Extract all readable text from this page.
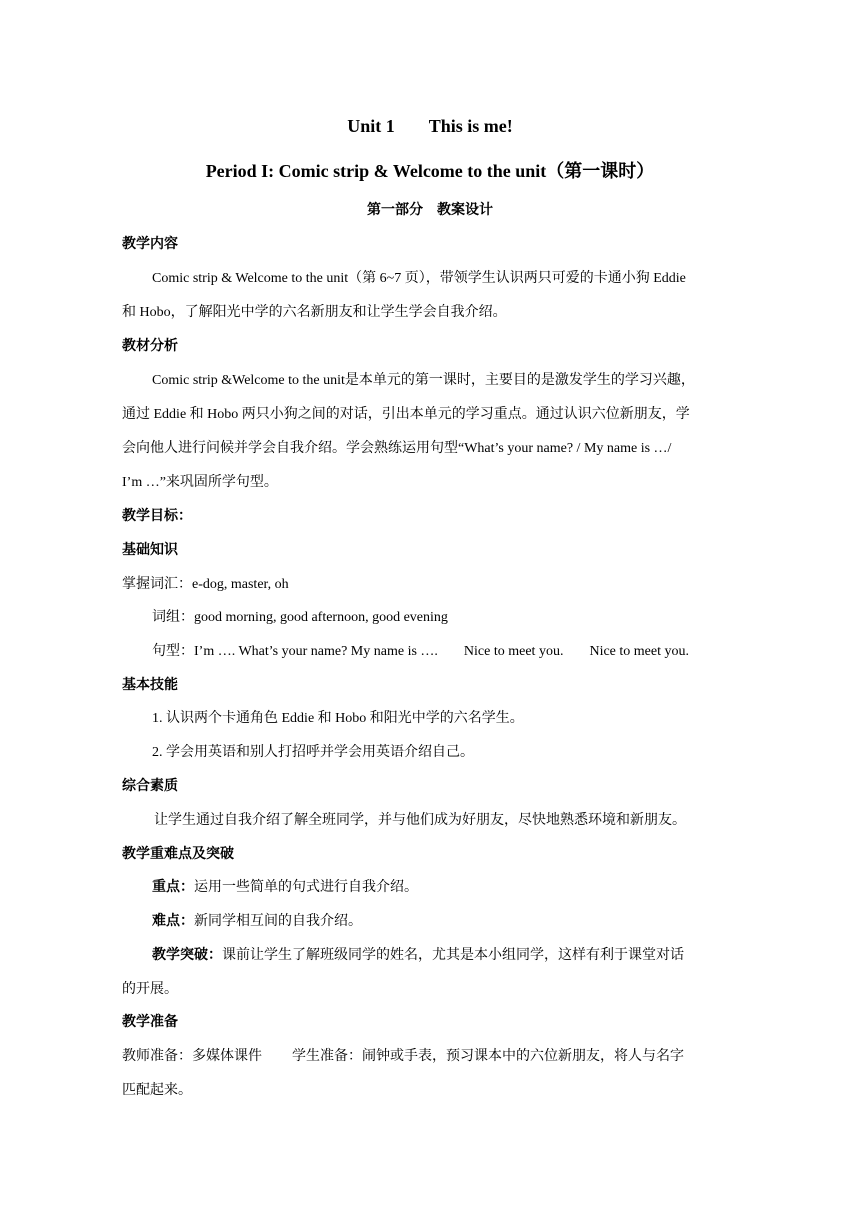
Unit 1 This is me!
Period I: Comic strip & Welcome to the unit（第一课时）
第一部分　教案设计
教学内容
Comic strip & Welcome to the unit（第 6~7 页），带领学生认识两只可爱的卡通小狗 Eddie
和 Hobo，了解阳光中学的六名新朋友和让学生学会自我介绍。
教材分析
Comic strip &Welcome to the unit是本单元的第一课时，主要目的是激发学生的学习兴趣，
通过 Eddie 和 Hobo 两只小狗之间的对话，引出本单元的学习重点。通过认识六位新朋友，学
会向他人进行问候并学会自我介绍。学会熟练运用句型“What’s your name? / My name is …/
I’m …”来巩固所学句型。
教学目标：
基础知识
掌握词汇：e-dog, master, oh
词组：good morning, good afternoon, good evening
句型：I’m …. What’s your name? My name is …. Nice to meet you. Nice to meet you.
基本技能
1. 认识两个卡通角色 Eddie 和 Hobo 和阳光中学的六名学生。
2. 学会用英语和别人打招呼并学会用英语介绍自己。
综合素质
让学生通过自我介绍了解全班同学，并与他们成为好朋友，尽快地熟悉环境和新朋友。
教学重难点及突破
重点：运用一些简单的句式进行自我介绍。
难点：新同学相互间的自我介绍。
教学突破：课前让学生了解班级同学的姓名，尤其是本小组同学，这样有利于课堂对话
的开展。
教学准备
教师准备：多媒体课件 学生准备：闹钟或手表，预习课本中的六位新朋友，将人与名字
匹配起来。
